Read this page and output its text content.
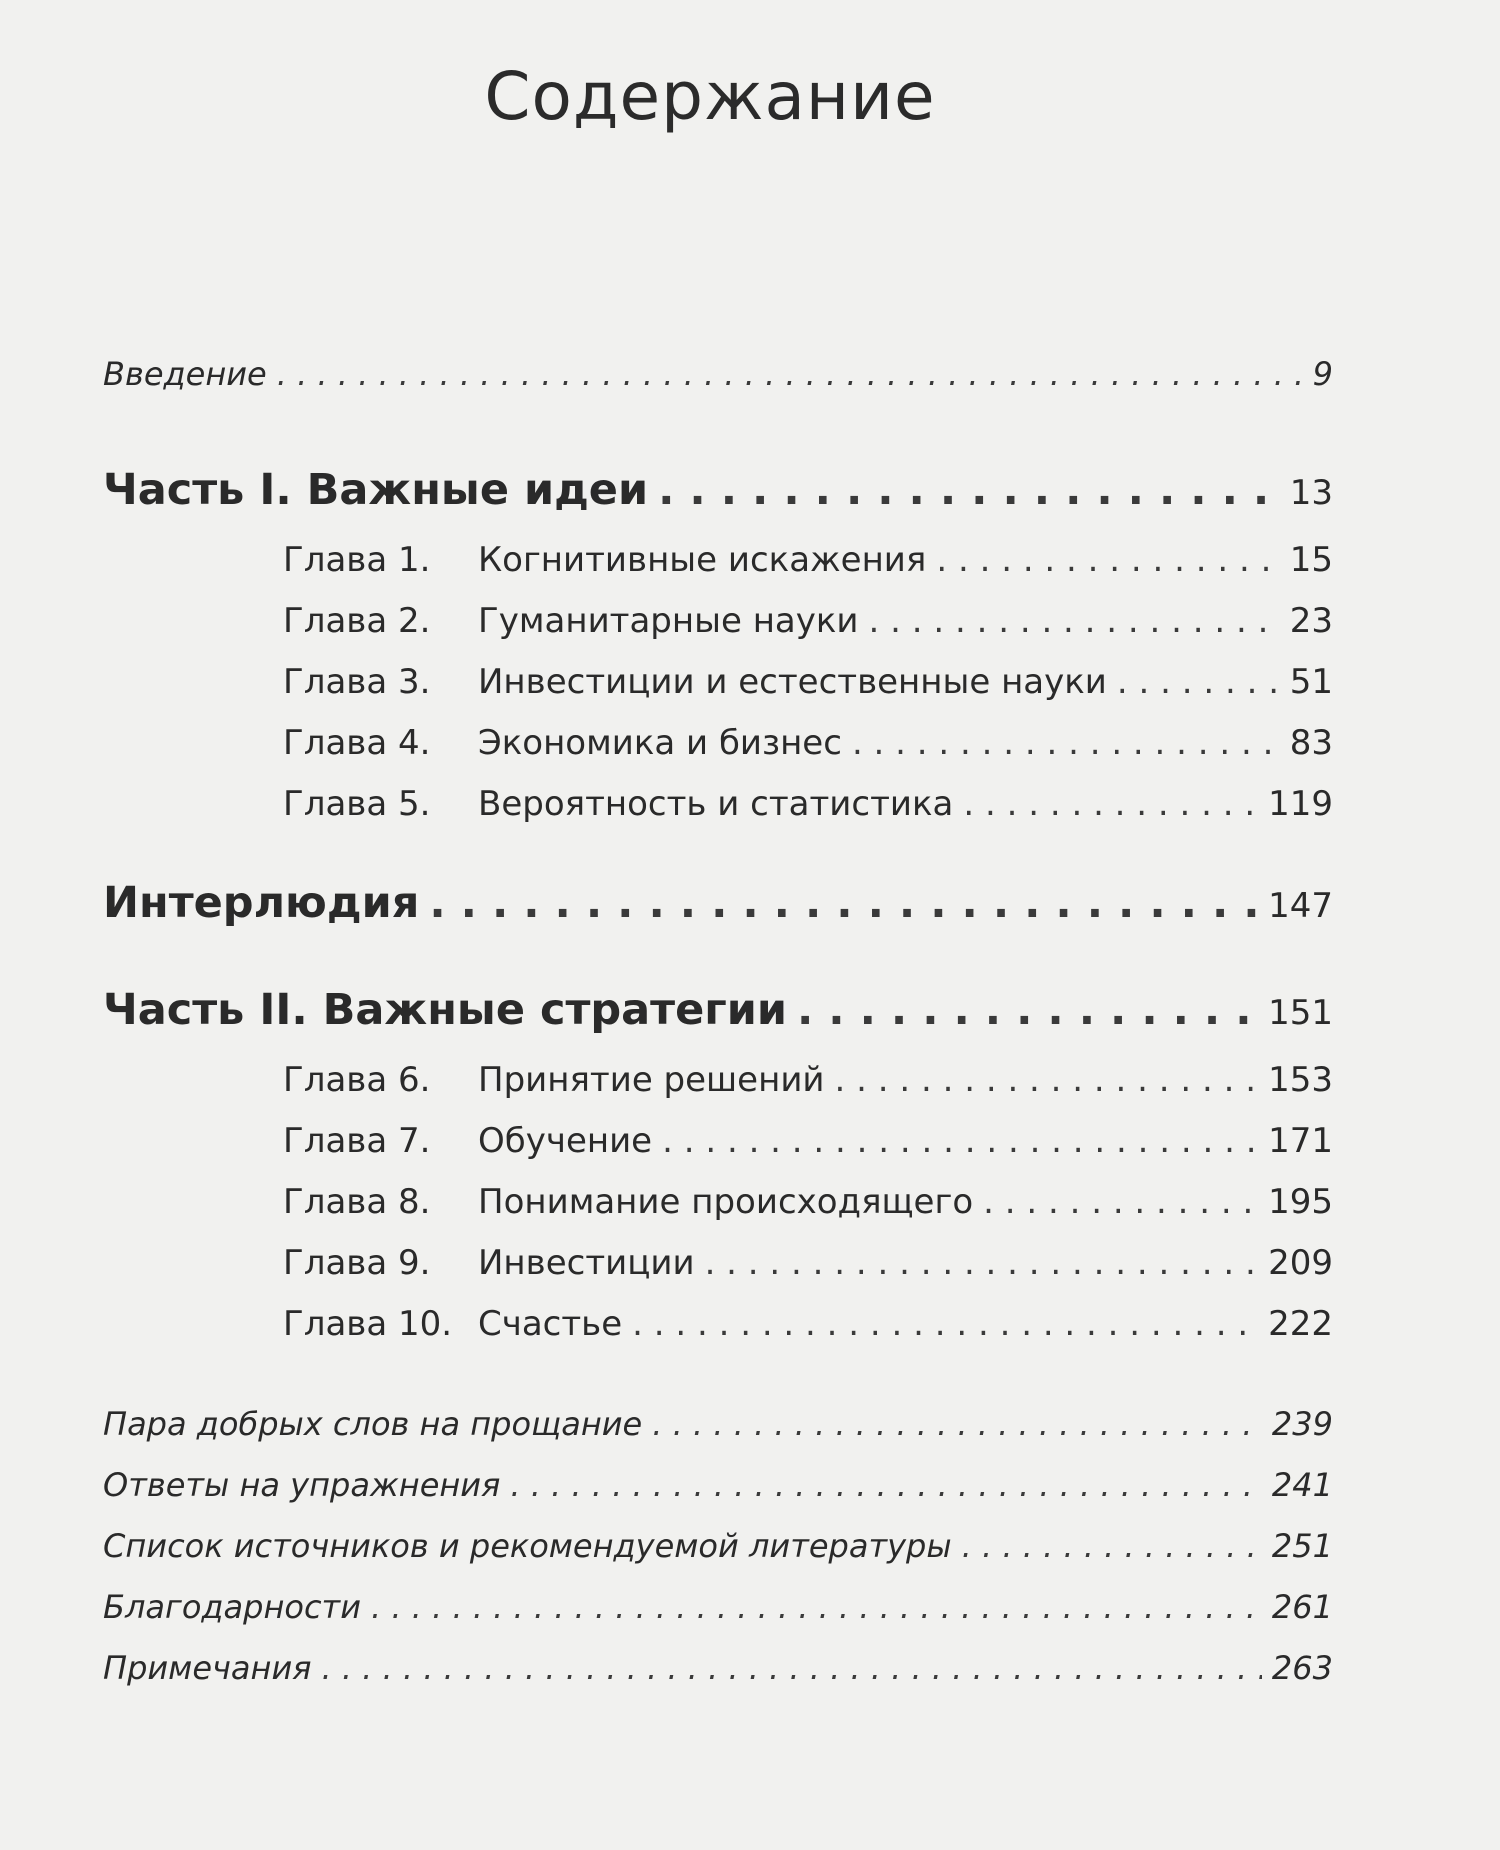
Содержание
Введение . . .	9
Часть I. Важные идеи . . .	13
Глава 1.	Когнитивные искажения . . .	15
Глава 2.	Гуманитарные науки . . .	23
Глава 3.	Инвестиции и естественные науки . . .	51
Глава 4.	Экономика и бизнес . . .	83
Глава 5.	Вероятность и статистика . . .	119
Интерлюдия . . .	147
Часть II. Важные стратегии . . .	151
Глава 6.	Принятие решений . . .	153
Глава 7.	Обучение . . .	171
Глава 8.	Понимание происходящего . . .	195
Глава 9.	Инвестиции . . .	209
Глава 10. Счастье . . .	222
Пара добрых слов на прощание . . .	239
Ответы на упражнения . . .	241
Список источников и рекомендуемой литературы . . .	251
Благодарности . . .	261
Примечания . . .	263
